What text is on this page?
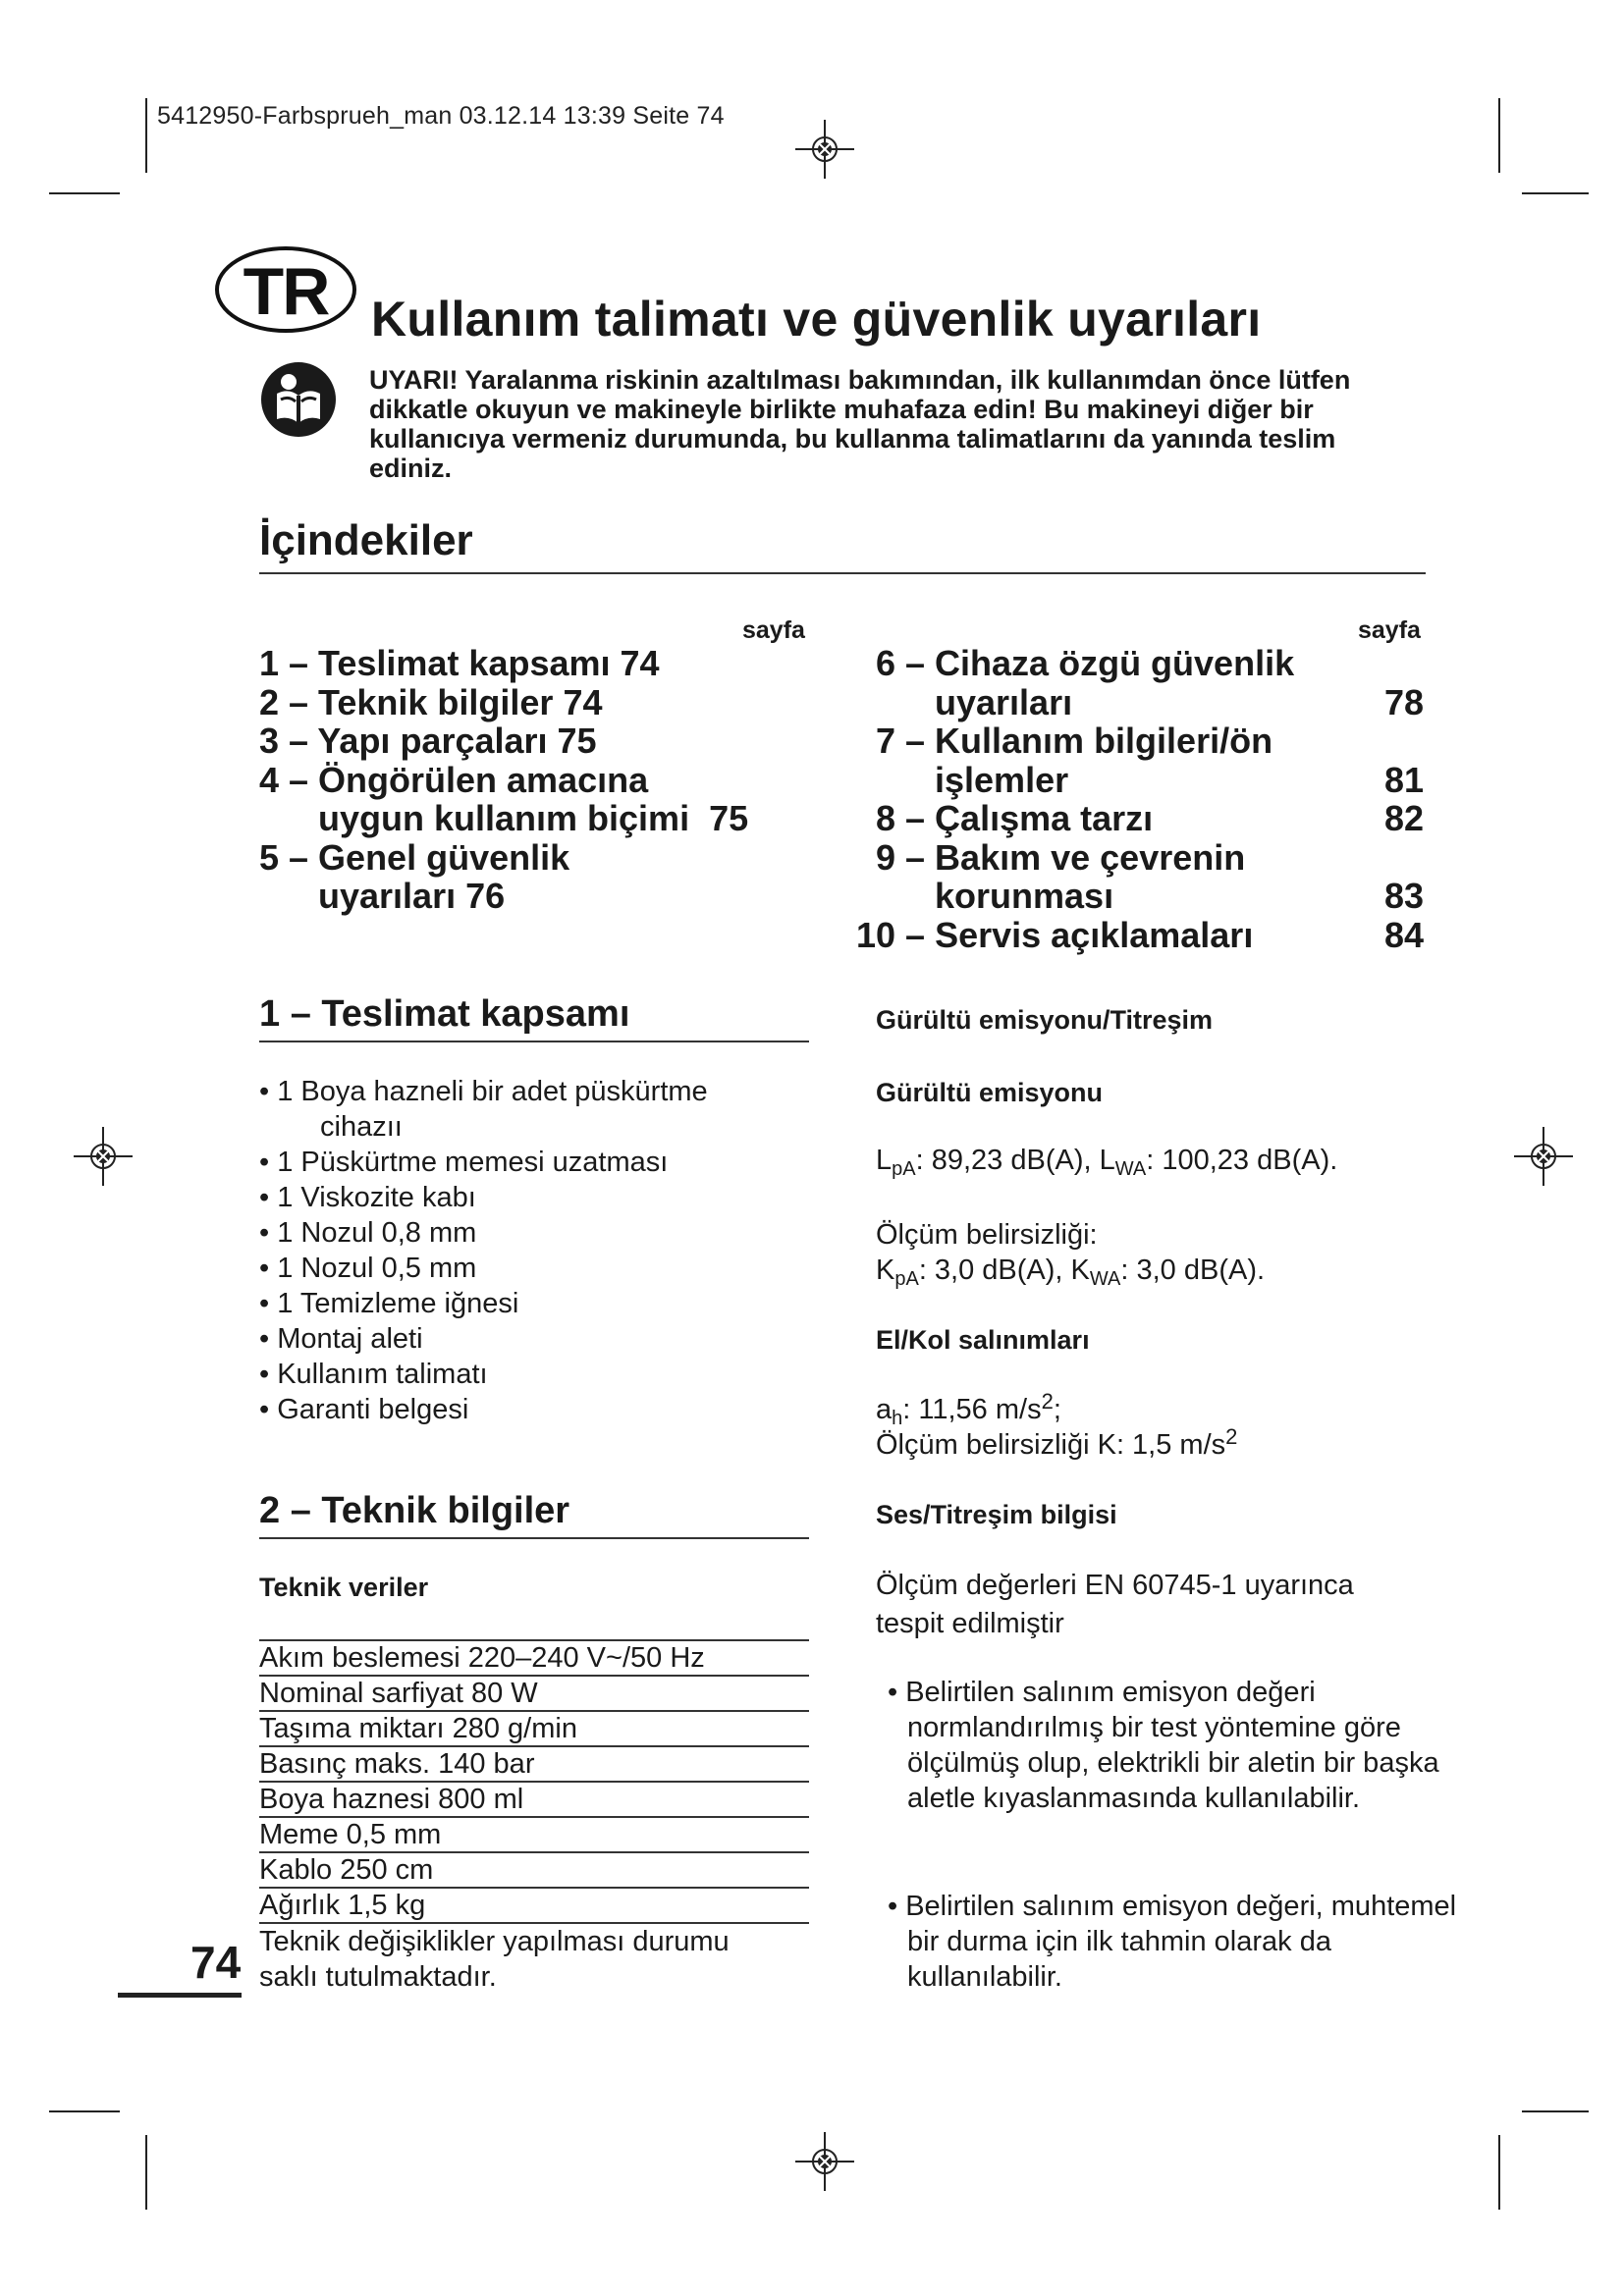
5412950-Farbsprueh_man 03.12.14 13:39 Seite 74
TR Kullanım talimatı ve güvenlik uyarıları
UYARI! Yaralanma riskinin azaltılması bakımından, ilk kullanımdan önce lütfen dikkatle okuyun ve makineyle birlikte muhafaza edin! Bu makineyi diğer bir kullanıcıya vermeniz durumunda, bu kullanma talimatlarını da yanında teslim ediniz.
İçindekiler
sayfa	sayfa
1 – Teslimat kapsamı 74
2 – Teknik bilgiler 74
3 – Yapı parçaları 75
4 – Öngörülen amacına
uygun kullanım biçimi  75
5 – Genel güvenlik
uyarıları 76
6 – Cihaza özgü güvenlik
uyarıları	78
7 – Kullanım bilgileri/ön
işlemler	81
8 – Çalışma tarzı	82
9 – Bakım ve çevrenin
korunması	83
10 – Servis açıklamaları	84
1 – Teslimat kapsamı
• 1 Boya hazneli bir adet püskürtme
cihazıı
• 1 Püskürtme memesi uzatması
• 1 Viskozite kabı
• 1 Nozul 0,8 mm
• 1 Nozul 0,5 mm
• 1 Temizleme iğnesi
• Montaj aleti
• Kullanım talimatı
• Garanti belgesi
2 – Teknik bilgiler
Teknik veriler
Akım beslemesi 220–240 V~/50 Hz
Nominal sarfiyat 80 W
Taşıma miktarı 280 g/min
Basınç maks. 140 bar
Boya haznesi 800 ml
Meme 0,5 mm
Kablo 250 cm
Ağırlık 1,5 kg
Teknik değişiklikler yapılması durumu saklı tutulmaktadır.
Gürültü emisyonu/Titreşim
Gürültü emisyonu
$L_{pA}$: 89,23 dB(A), $L_{WA}$: 100,23 dB(A).
Ölçüm belirsizliği:
$K_{pA}$: 3,0 dB(A), $K_{WA}$: 3,0 dB(A).
El/Kol salınımları
$a_h$: 11,56 $m/s^2$;
Ölçüm belirsizliği K: 1,5 $m/s^2$
Ses/Titreşim bilgisi
Ölçüm değerleri EN 60745-1 uyarınca tespit edilmiştir
• Belirtilen salınım emisyon değeri normlandırılmış bir test yöntemine göre ölçülmüş olup, elektrikli bir aletin bir başka aletle kıyaslanmasında kullanılabilir.
• Belirtilen salınım emisyon değeri, muhtemel bir durma için ilk tahmin olarak da kullanılabilir.
74
